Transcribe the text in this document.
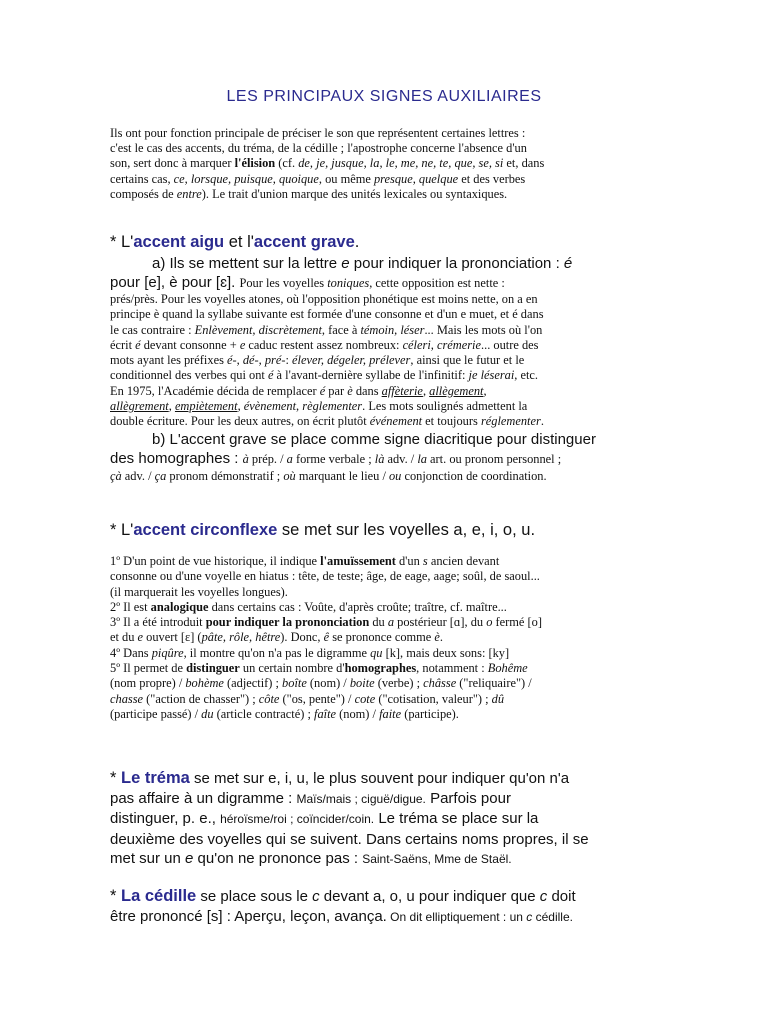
LES PRINCIPAUX SIGNES AUXILIAIRES
Ils ont pour fonction principale de préciser le son que représentent certaines lettres :
c'est le cas des accents, du tréma, de la cédille ; l'apostrophe concerne l'absence d'un
son, sert donc à marquer l'élision (cf. de, je, jusque, la, le, me, ne, te, que, se, si et, dans
certains cas, ce, lorsque, puisque, quoique, ou même presque, quelque et des verbes
composés de entre). Le trait d'union marque des unités lexicales ou syntaxiques.
* L'accent aigu et l'accent grave.
a) Ils se mettent sur la lettre e pour indiquer la prononciation : é
pour [e], è pour [ɛ]. Pour les voyelles toniques, cette opposition est nette :
prés/près. Pour les voyelles atones, où l'opposition phonétique est moins nette, on a en
principe è quand la syllabe suivante est formée d'une consonne et d'un e muet, et é dans
le cas contraire : Enlèvement, discrètement, face à témoin, léser... Mais les mots où l'on
écrit é devant consonne + e caduc restent assez nombreux: céleri, crémerie... outre des
mots ayant les préfixes é-, dé-, pré-: élever, dégeler, prélever, ainsi que le futur et le
conditionnel des verbes qui ont é à l'avant-dernière syllabe de l'infinitif: je léserai, etc.
En 1975, l'Académie décida de remplacer é par è dans affèterie, allègement,
allègrement, empiètement, évènement, règlementer. Les mots soulignés admettent la
double écriture. Pour les deux autres, on écrit plutôt événement et toujours réglementer.
b) L'accent grave se place comme signe diacritique pour distinguer
des homographes : à prép. / a forme verbale ; là adv. / la art. ou pronom personnel ;
çà adv. / ça pronom démonstratif ; où marquant le lieu / ou conjonction de coordination.
* L'accent circonflexe se met sur les voyelles a, e, i, o, u.
1º D'un point de vue historique, il indique l'amuïssement d'un s ancien devant
consonne ou d'une voyelle en hiatus : tête, de teste; âge, de eage, aage; soûl, de saoul...
(il marquerait les voyelles longues).
2º Il est analogique dans certains cas : Voûte, d'après croûte; traître, cf. maître...
3º Il a été introduit pour indiquer la prononciation du a postérieur [ɑ], du o fermé [o]
et du e ouvert [ɛ] (pâte, rôle, hêtre). Donc, ê se prononce comme è.
4º Dans piqûre, il montre qu'on n'a pas le digramme qu [k], mais deux sons: [ky]
5º Il permet de distinguer un certain nombre d'homographes, notamment : Bohême
(nom propre) / bohème (adjectif) ; boîte (nom) / boite (verbe) ; châsse ("reliquaire") /
chasse ("action de chasser") ; côte ("os, pente") / cote ("cotisation, valeur") ; dû
(participe passé) / du (article contracté) ; faîte (nom) / faite (participe).
* Le tréma se met sur e, i, u, le plus souvent pour indiquer qu'on n'a
pas affaire à un digramme : Maïs/mais ; ciguë/digue. Parfois pour
distinguer, p. e., héroïsme/roi ; coïncider/coin. Le tréma se place sur la
deuxième des voyelles qui se suivent. Dans certains noms propres, il se
met sur un e qu'on ne prononce pas : Saint-Saëns, Mme de Staël.
* La cédille se place sous le c devant a, o, u pour indiquer que c doit
être prononcé [s] : Aperçu, leçon, avança. On dit elliptiquement : un c cédille.
